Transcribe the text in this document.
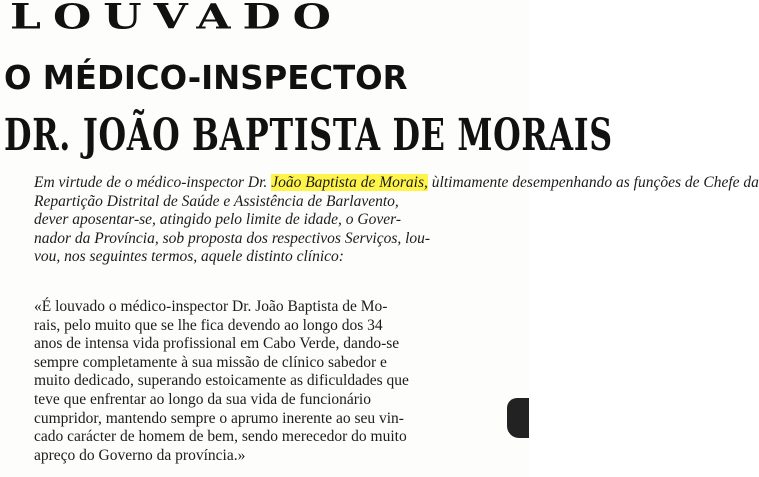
LOUVADO
O MÉDICO-INSPECTOR
DR. JOÃO BAPTISTA DE MORAIS
Em virtude de o médico-inspector Dr. João Baptista de Morais, ùltimamente desempenhando as funções de Chefe da
Repartição Distrital de Saúde e Assistência de Barlavento,
dever aposentar-se, atingido pelo limite de idade, o Gover-
nador da Província, sob proposta dos respectivos Serviços, lou-
vou, nos seguintes termos, aquele distinto clínico:
«É louvado o médico-inspector Dr. João Baptista de Mo-
rais, pelo muito que se lhe fica devendo ao longo dos 34
anos de intensa vida profissional em Cabo Verde, dando-se
sempre completamente à sua missão de clínico sabedor e
muito dedicado, superando estoicamente as dificuldades que
teve que enfrentar ao longo da sua vida de funcionário
cumpridor, mantendo sempre o aprumo inerente ao seu vin-
cado carácter de homem de bem, sendo merecedor do muito
apreço do Governo da província.»
